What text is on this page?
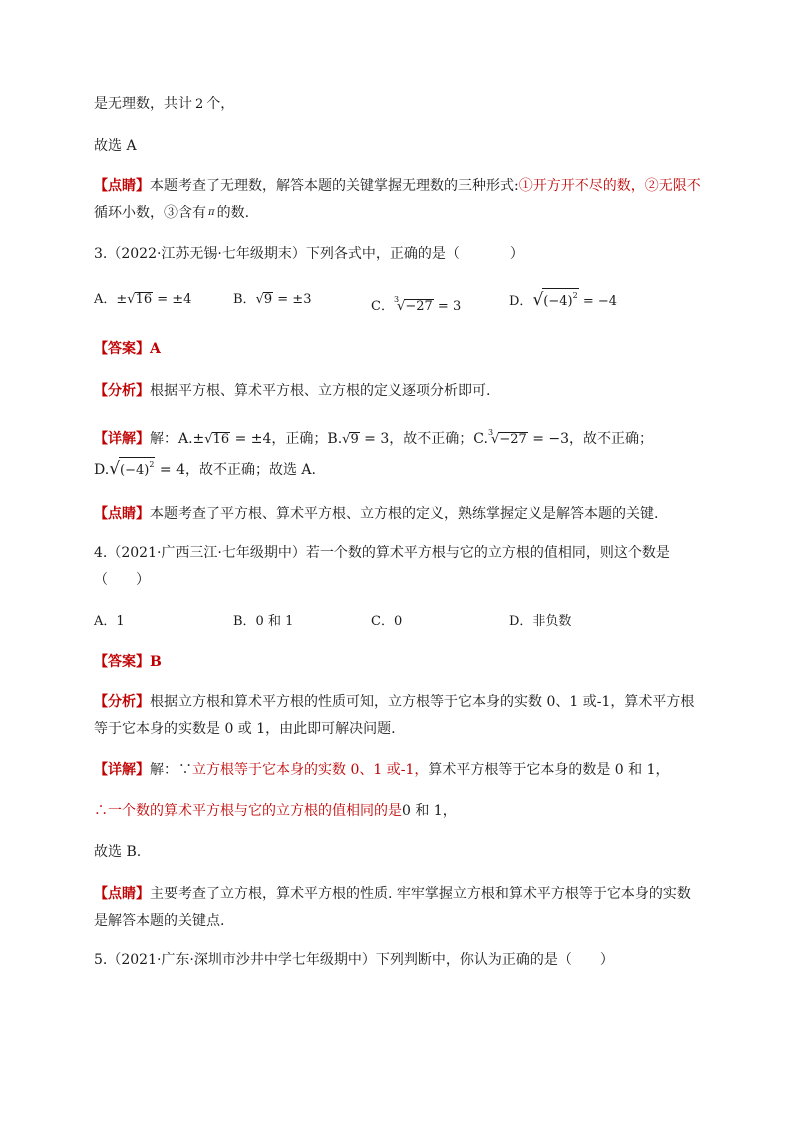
是无理数，共计 2 个，
故选 A
【点睛】本题考查了无理数，解答本题的关键掌握无理数的三种形式:①开方开不尽的数，②无限不
循环小数，③含有 π 的数.
3.（2022·江苏无锡·七年级期末）下列各式中，正确的是（	）
A．±√16 = ±4	B．√9 = ±3	C．$^3$√−27 = 3	D．$√(-4)^2 = -4$
【答案】A
【分析】根据平方根、算术平方根、立方根的定义逐项分析即可.
【详解】解：A.±√16 = ±4，正确；B.√9 = 3，故不正确；C.$^3$√−27 = −3，故不正确；
$D.√(-4)^2 = 4$，故不正确；故选 A.
【点睛】本题考查了平方根、算术平方根、立方根的定义，熟练掌握定义是解答本题的关键.
4.（2021·广西三江·七年级期中）若一个数的算术平方根与它的立方根的值相同，则这个数是
（　　）
A．1	B．0 和 1	C．0	D．非负数
【答案】B
【分析】根据立方根和算术平方根的性质可知，立方根等于它本身的实数 0、1 或-1，算术平方根
等于它本身的实数是 0 或 1，由此即可解决问题.
【详解】解：∵立方根等于它本身的实数 0、1 或-1，算术平方根等于它本身的数是 0 和 1，
∴一个数的算术平方根与它的立方根的值相同的是0 和 1，
故选 B.
【点睛】主要考查了立方根，算术平方根的性质. 牢牢掌握立方根和算术平方根等于它本身的实数
是解答本题的关键点.
5.（2021·广东·深圳市沙井中学七年级期中）下列判断中，你认为正确的是（　　）
